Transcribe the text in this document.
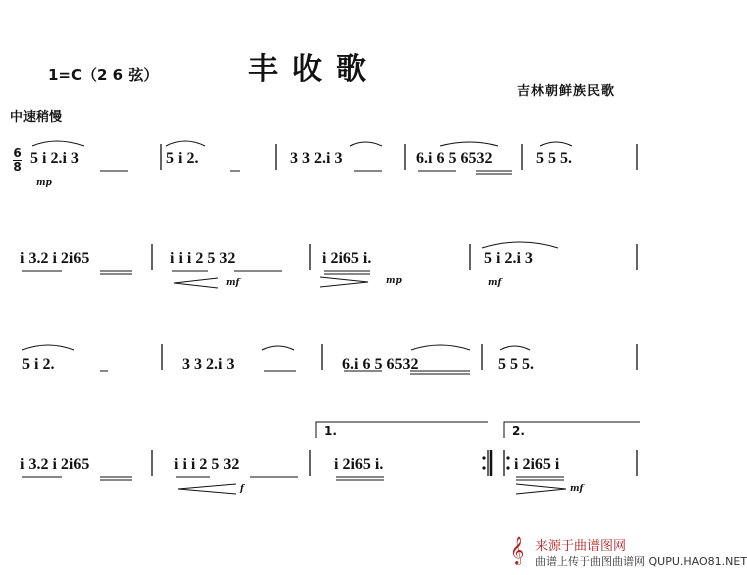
丰收歌
1=C（2 6 弦）
吉林朝鲜族民歌
中速稍慢
6
8 5 i 2.i 3	5 i 2.	3 3 2.i 3	6.i 6 5 6532	5 5 5.
mp
i 3.2 i 2i65	i i i 2 5 32	i 2i65 i.	5 i 2.i 3
mf	mp	mf
5 i 2.	3 3 2.i 3	6.i 6 5 6532	5 5 5.
i 3.2 i 2i65	i i i 2 5 32	i 2i65 i.	i 2i65 i
f	mf
1.	2.
𝄞 来源于曲谱图网
曲谱上传于曲图曲谱网 QUPU.HAO81.NET
